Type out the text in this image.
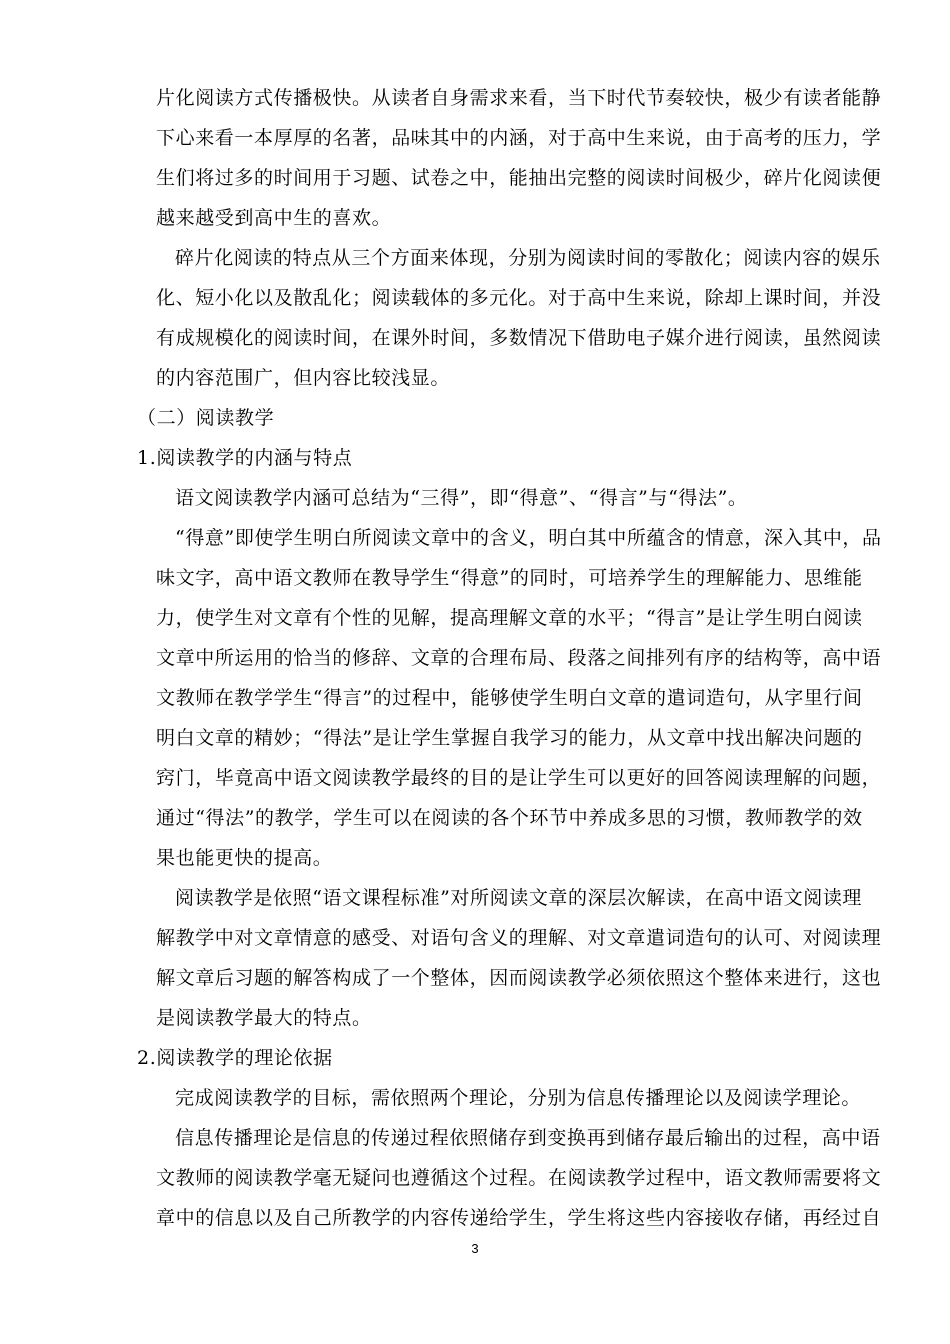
片化阅读方式传播极快。从读者自身需求来看，当下时代节奏较快，极少有读者能静
下心来看一本厚厚的名著，品味其中的内涵，对于高中生来说，由于高考的压力，学
生们将过多的时间用于习题、试卷之中，能抽出完整的阅读时间极少，碎片化阅读便
越来越受到高中生的喜欢。
碎片化阅读的特点从三个方面来体现，分别为阅读时间的零散化；阅读内容的娱乐
化、短小化以及散乱化；阅读载体的多元化。对于高中生来说，除却上课时间，并没
有成规模化的阅读时间，在课外时间，多数情况下借助电子媒介进行阅读，虽然阅读
的内容范围广，但内容比较浅显。
（二）阅读教学
1.阅读教学的内涵与特点
语文阅读教学内涵可总结为“三得”，即“得意”、“得言”与“得法”。
“得意”即使学生明白所阅读文章中的含义，明白其中所蕴含的情意，深入其中，品
味文字，高中语文教师在教导学生“得意”的同时，可培养学生的理解能力、思维能
力，使学生对文章有个性的见解，提高理解文章的水平；“得言”是让学生明白阅读
文章中所运用的恰当的修辞、文章的合理布局、段落之间排列有序的结构等，高中语
文教师在教学学生“得言”的过程中，能够使学生明白文章的遣词造句，从字里行间
明白文章的精妙；“得法”是让学生掌握自我学习的能力，从文章中找出解决问题的
窍门，毕竟高中语文阅读教学最终的目的是让学生可以更好的回答阅读理解的问题，
通过“得法”的教学，学生可以在阅读的各个环节中养成多思的习惯，教师教学的效
果也能更快的提高。
阅读教学是依照“语文课程标准”对所阅读文章的深层次解读，在高中语文阅读理
解教学中对文章情意的感受、对语句含义的理解、对文章遣词造句的认可、对阅读理
解文章后习题的解答构成了一个整体，因而阅读教学必须依照这个整体来进行，这也
是阅读教学最大的特点。
2.阅读教学的理论依据
完成阅读教学的目标，需依照两个理论，分别为信息传播理论以及阅读学理论。
信息传播理论是信息的传递过程依照储存到变换再到储存最后输出的过程，高中语
文教师的阅读教学毫无疑问也遵循这个过程。在阅读教学过程中，语文教师需要将文
章中的信息以及自己所教学的内容传递给学生，学生将这些内容接收存储，再经过自
3
